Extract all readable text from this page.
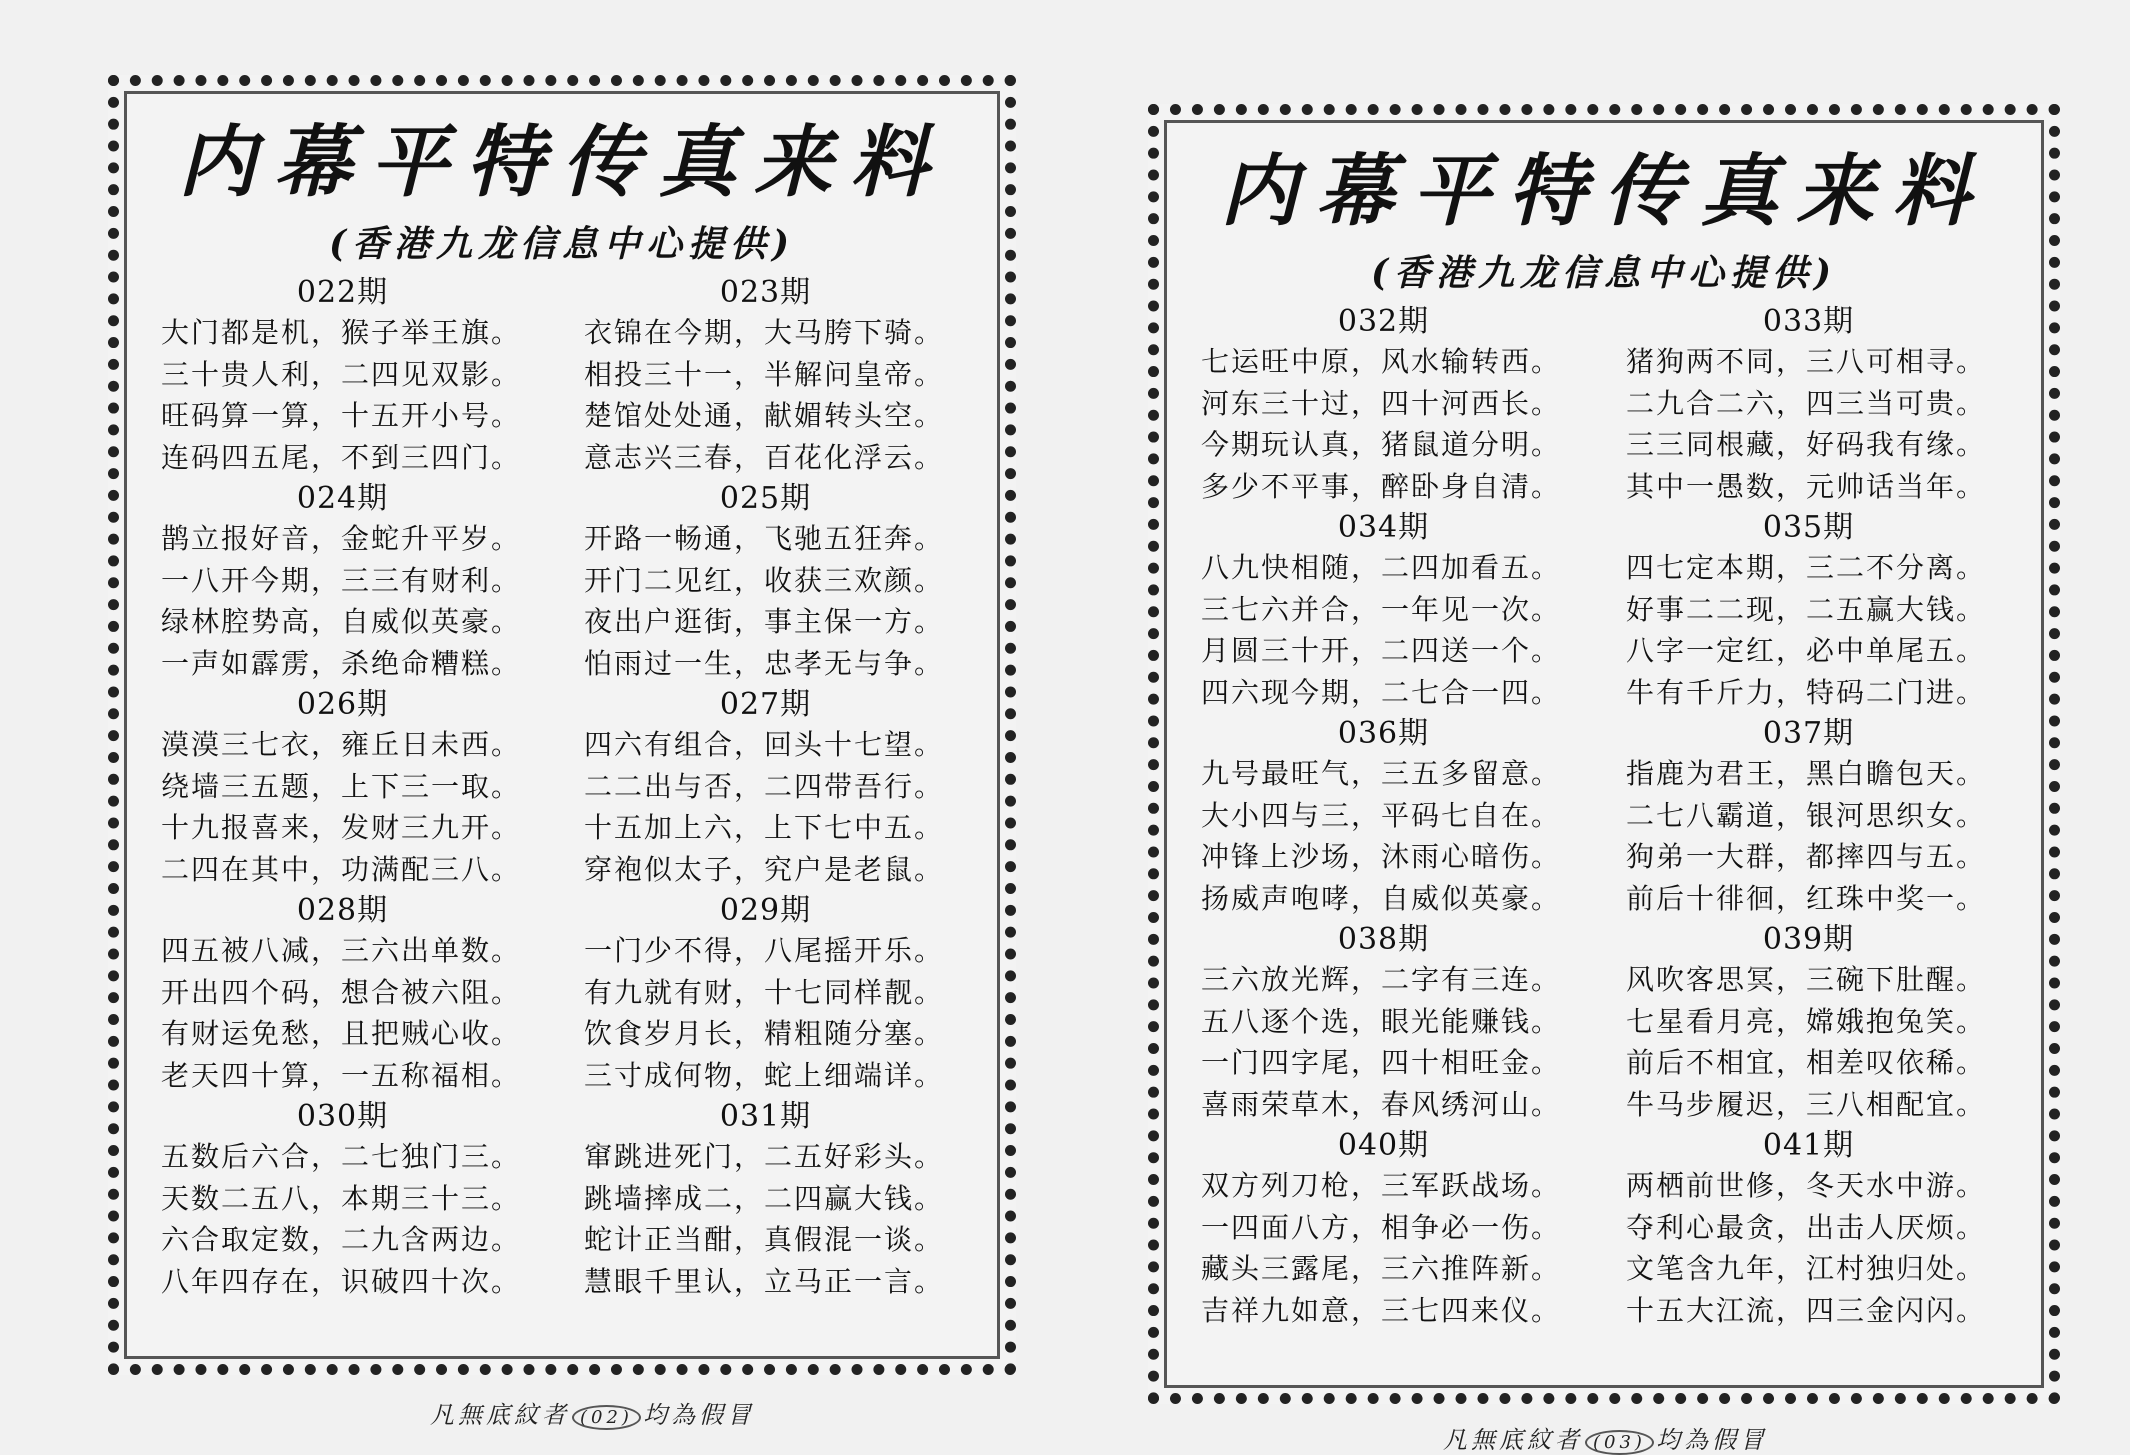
内幕平特传真来料
(香港九龙信息中心提供)
022期
大门都是机，猴子举王旗。
三十贵人利，二四见双影。
旺码算一算，十五开小号。
连码四五尾，不到三四门。
023期
衣锦在今期，大马胯下骑。
相投三十一，半解问皇帝。
楚馆处处通，献媚转头空。
意志兴三春，百花化浮云。
024期
鹊立报好音，金蛇升平岁。
一八开今期，三三有财利。
绿林腔势高，自威似英豪。
一声如霹雳，杀绝命糟糕。
025期
开路一畅通，飞驰五狂奔。
开门二见红，收获三欢颜。
夜出户逛街，事主保一方。
怕雨过一生，忠孝无与争。
026期
漠漠三七衣，雍丘日未西。
绕墙三五题，上下三一取。
十九报喜来，发财三九开。
二四在其中，功满配三八。
027期
四六有组合，回头十七望。
二二出与否，二四带吾行。
十五加上六，上下七中五。
穿袍似太子，究户是老鼠。
028期
四五被八减，三六出单数。
开出四个码，想合被六阻。
有财运免愁，且把贼心收。
老天四十算，一五称福相。
029期
一门少不得，八尾摇开乐。
有九就有财，十七同样靓。
饮食岁月长，精粗随分塞。
三寸成何物，蛇上细端详。
030期
五数后六合，二七独门三。
天数二五八，本期三十三。
六合取定数，二九含两边。
八年四存在，识破四十次。
031期
窜跳进死门，二五好彩头。
跳墙摔成二，二四赢大钱。
蛇计正当酣，真假混一谈。
慧眼千里认，立马正一言。
内幕平特传真来料
(香港九龙信息中心提供)
032期
七运旺中原，风水输转西。
河东三十过，四十河西长。
今期玩认真，猪鼠道分明。
多少不平事，醉卧身自清。
033期
猪狗两不同，三八可相寻。
二九合二六，四三当可贵。
三三同根藏，好码我有缘。
其中一愚数，元帅话当年。
034期
八九快相随，二四加看五。
三七六并合，一年见一次。
月圆三十开，二四送一个。
四六现今期，二七合一四。
035期
四七定本期，三二不分离。
好事二二现，二五赢大钱。
八字一定红，必中单尾五。
牛有千斤力，特码二门进。
036期
九号最旺气，三五多留意。
大小四与三，平码七自在。
冲锋上沙场，沐雨心暗伤。
扬威声咆哮，自威似英豪。
037期
指鹿为君王，黑白瞻包天。
二七八霸道，银河思织女。
狗弟一大群，都摔四与五。
前后十徘徊，红珠中奖一。
038期
三六放光辉，二字有三连。
五八逐个选，眼光能赚钱。
一门四字尾，四十相旺金。
喜雨荣草木，春风绣河山。
039期
风吹客思冥，三碗下肚醒。
七星看月亮，嫦娥抱兔笑。
前后不相宜，相差叹依稀。
牛马步履迟，三八相配宜。
040期
双方列刀枪，三军跃战场。
一四面八方，相争必一伤。
藏头三露尾，三六推阵新。
吉祥九如意，三七四来仪。
041期
两栖前世修，冬天水中游。
夺利心最贪，出击人厌烦。
文笔含九年，江村独归处。
十五大江流，四三金闪闪。
凡無底紋者 (02) 均為假冒
凡無底紋者 (03) 均為假冒
